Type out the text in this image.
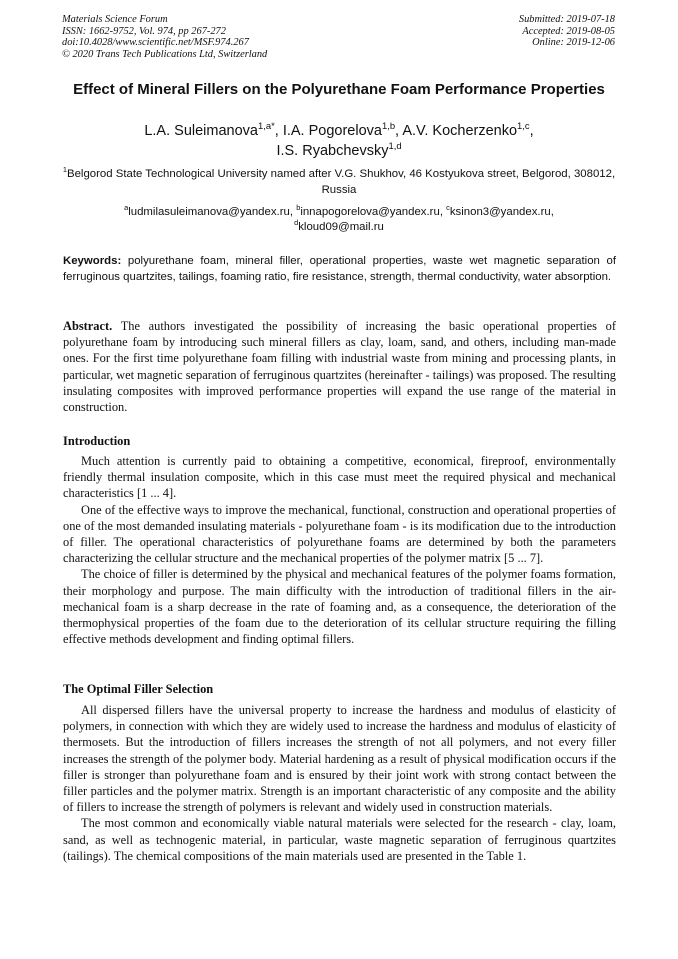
Materials Science Forum
ISSN: 1662-9752, Vol. 974, pp 267-272
doi:10.4028/www.scientific.net/MSF.974.267
© 2020 Trans Tech Publications Ltd, Switzerland
Submitted: 2019-07-18
Accepted: 2019-08-05
Online: 2019-12-06
Effect of Mineral Fillers on the Polyurethane Foam Performance Properties
L.A. Suleimanova$^{1,a*}$, I.A. Pogorelova$^{1,b}$, A.V. Kocherzenko$^{1,c}$,
I.S. Ryabchevsky$^{1,d}$
$^1$Belgorod State Technological University named after V.G. Shukhov, 46 Kostyukova street, Belgorod, 308012, Russia
$^a$ludmilasuleimanova@yandex.ru, $^b$innapogorelova@yandex.ru, $^c$ksinon3@yandex.ru,
$^d$kloud09@mail.ru
Keywords: polyurethane foam, mineral filler, operational properties, waste wet magnetic separation of ferruginous quartzites, tailings, foaming ratio, fire resistance, strength, thermal conductivity, water absorption.

Abstract. The authors investigated the possibility of increasing the basic operational properties of polyurethane foam by introducing such mineral fillers as clay, loam, sand, and others, including man-made ones. For the first time polyurethane foam filling with industrial waste from mining and processing plants, in particular, wet magnetic separation of ferruginous quartzites (hereinafter - tailings) was proposed. The resulting insulating composites with improved performance properties will expand the use range of the material in construction.

Introduction

Much attention is currently paid to obtaining a competitive, economical, fireproof, environmentally friendly thermal insulation composite, which in this case must meet the required physical and mechanical characteristics [1 ... 4].

One of the effective ways to improve the mechanical, functional, construction and operational properties of one of the most demanded insulating materials - polyurethane foam - is its modification due to the introduction of filler. The operational characteristics of polyurethane foams are determined by both the parameters characterizing the cellular structure and the mechanical properties of the polymer matrix [5 ... 7].

The choice of filler is determined by the physical and mechanical features of the polymer foams formation, their morphology and purpose. The main difficulty with the introduction of traditional fillers in the air-mechanical foam is a sharp decrease in the rate of foaming and, as a consequence, the deterioration of the thermophysical properties of the foam due to the deterioration of its cellular structure requiring the filling effective methods development and finding optimal fillers.

The Optimal Filler Selection

All dispersed fillers have the universal property to increase the hardness and modulus of elasticity of polymers, in connection with which they are widely used to increase the hardness and modulus of elasticity of thermosets. But the introduction of fillers increases the strength of not all polymers, and not every filler increases the strength of the polymer body. Material hardening as a result of physical modification occurs if the filler is stronger than polyurethane foam and is ensured by their joint work with strong contact between the filler particles and the polymer matrix. Strength is an important characteristic of any composite and the ability of fillers to increase the strength of polymers is relevant and widely used in construction materials.

The most common and economically viable natural materials were selected for the research - clay, loam, sand, as well as technogenic material, in particular, waste magnetic separation of ferruginous quartzites (tailings). The chemical compositions of the main materials used are presented in the Table 1.
